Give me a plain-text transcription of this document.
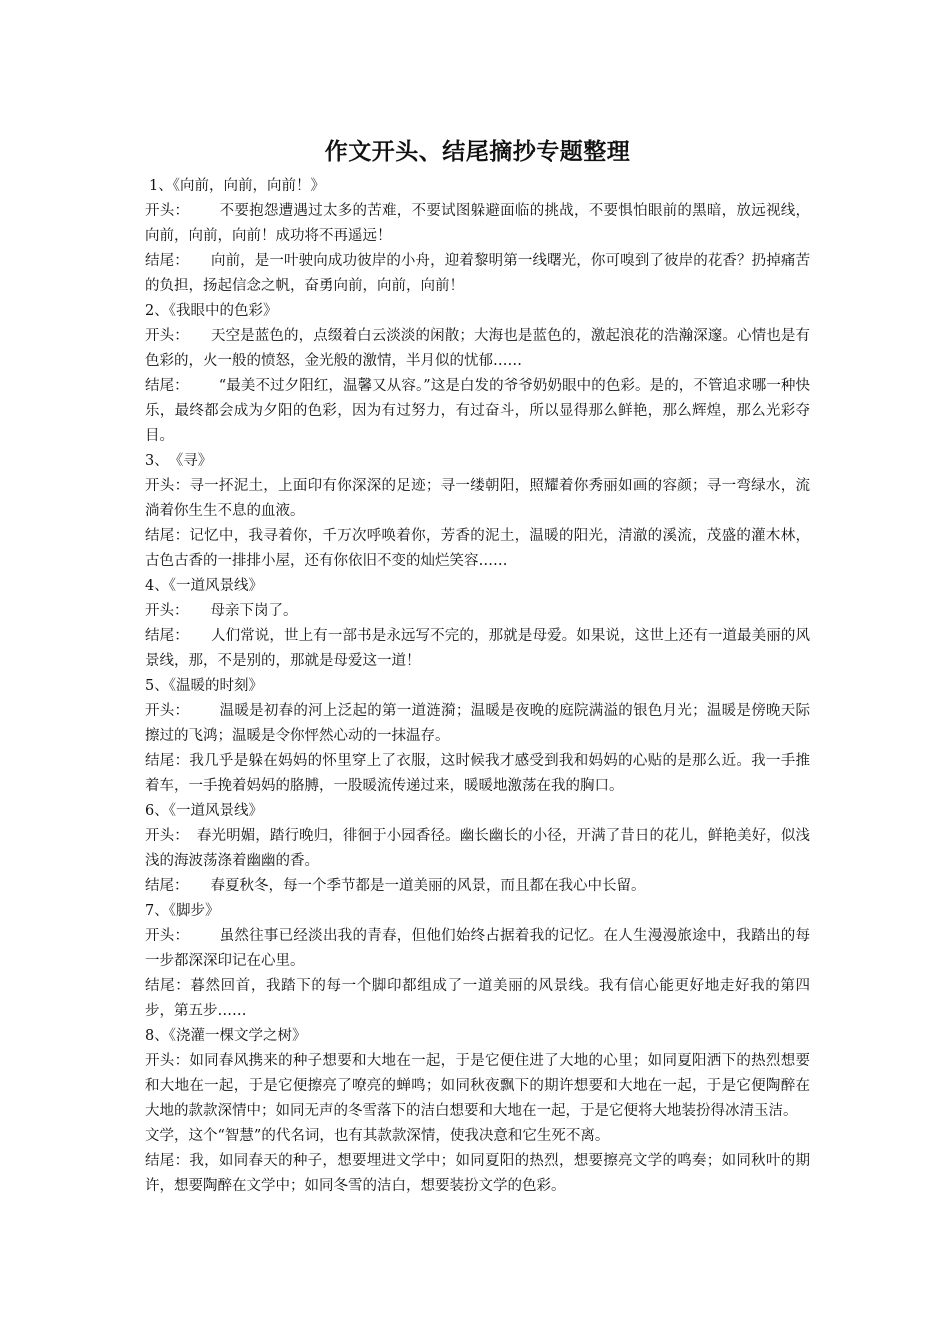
作文开头、结尾摘抄专题整理

1、《向前，向前，向前！》

开头： 不要抱怨遭遇过太多的苦难，不要试图躲避面临的挑战，不要惧怕眼前的黑暗，放远视线，向前，向前，向前！成功将不再遥远！

结尾： 向前，是一叶驶向成功彼岸的小舟，迎着黎明第一线曙光，你可嗅到了彼岸的花香？扔掉痛苦的负担，扬起信念之帆，奋勇向前，向前，向前！

2、《我眼中的色彩》

开头： 天空是蓝色的，点缀着白云淡淡的闲散；大海也是蓝色的，激起浪花的浩瀚深邃。心情也是有色彩的，火一般的愤怒，金光般的激情，半月似的忧郁……

结尾： “最美不过夕阳红，温馨又从容。”这是白发的爷爷奶奶眼中的色彩。是的，不管追求哪一种快乐，最终都会成为夕阳的色彩，因为有过努力，有过奋斗，所以显得那么鲜艳，那么辉煌，那么光彩夺目。

3、　《寻》

开头：寻一抔泥土，上面印有你深深的足迹；寻一缕朝阳，照耀着你秀丽如画的容颜；寻一弯绿水，流淌着你生生不息的血液。

结尾：记忆中，我寻着你，千万次呼唤着你，芳香的泥土，温暖的阳光，清澈的溪流，茂盛的灌木林，古色古香的一排排小屋，还有你依旧不变的灿烂笑容……

4、《一道风景线》

开头： 母亲下岗了。

结尾： 人们常说，世上有一部书是永远写不完的，那就是母爱。如果说，这世上还有一道最美丽的风景线，那，不是别的，那就是母爱这一道！

5、《温暖的时刻》

开头： 温暖是初春的河上泛起的第一道涟漪；温暖是夜晚的庭院满溢的银色月光；温暖是傍晚天际擦过的飞鸿；温暖是令你怦然心动的一抹温存。

结尾：我几乎是躲在妈妈的怀里穿上了衣服，这时候我才感受到我和妈妈的心贴的是那么近。我一手推着车，一手挽着妈妈的胳膊，一股暖流传递过来，暖暖地激荡在我的胸口。

6、《一道风景线》

开头： 春光明媚，踏行晚归，徘徊于小园香径。幽长幽长的小径，开满了昔日的花儿，鲜艳美好，似浅浅的海波荡涤着幽幽的香。

结尾： 春夏秋冬，每一个季节都是一道美丽的风景，而且都在我心中长留。

7、《脚步》

开头： 虽然往事已经淡出我的青春，但他们始终占据着我的记忆。在人生漫漫旅途中，我踏出的每一步都深深印记在心里。

结尾：暮然回首，我踏下的每一个脚印都组成了一道美丽的风景线。我有信心能更好地走好我的第四步，第五步……

8、《浇灌一棵文学之树》

开头：如同春风携来的种子想要和大地在一起，于是它便住进了大地的心里；如同夏阳洒下的热烈想要和大地在一起，于是它便擦亮了嘹亮的蝉鸣；如同秋夜飘下的期许想要和大地在一起，于是它便陶醉在大地的款款深情中；如同无声的冬雪落下的洁白想要和大地在一起，于是它便将大地装扮得冰清玉洁。

文学，这个“智慧”的代名词，也有其款款深情，使我决意和它生死不离。

结尾：我，如同春天的种子，想要埋进文学中；如同夏阳的热烈，想要擦亮文学的鸣奏；如同秋叶的期许，想要陶醉在文学中；如同冬雪的洁白，想要装扮文学的色彩。
